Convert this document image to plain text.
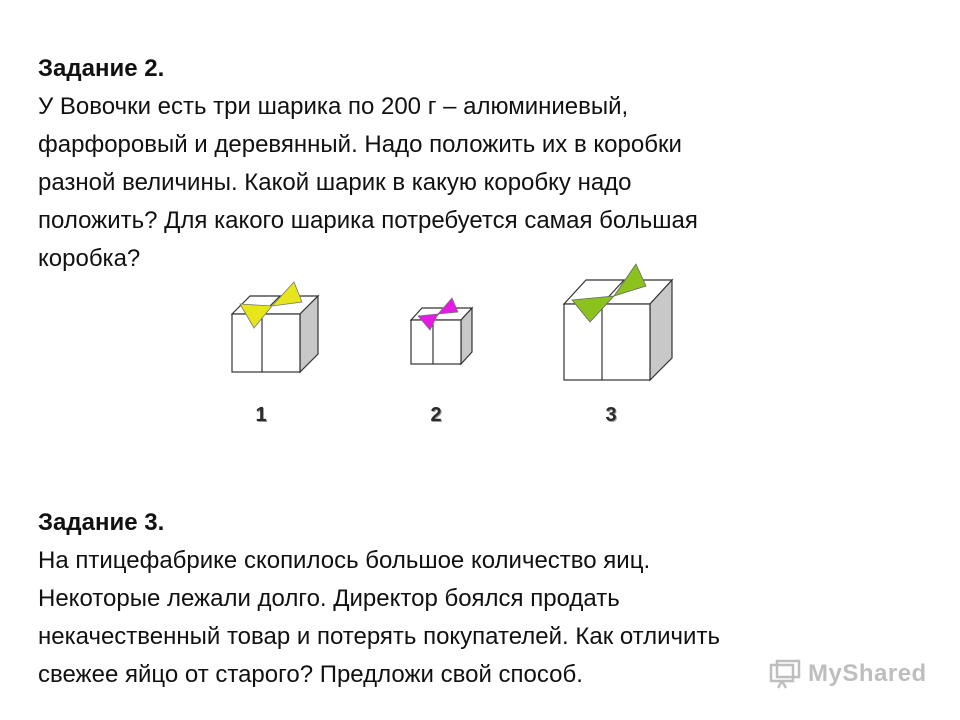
Задание 2.
У Вовочки есть три шарика по 200 г – алюминиевый,
фарфоровый и деревянный. Надо положить их в коробки
разной величины. Какой шарик в какую коробку надо
положить? Для какого шарика потребуется самая большая
коробка?
1	2	3
Задание 3.
На птицефабрике скопилось большое количество яиц.
Некоторые лежали долго. Директор боялся продать
некачественный товар и потерять покупателей. Как отличить
свежее яйцо от старого? Предложи свой способ.	MyShared
